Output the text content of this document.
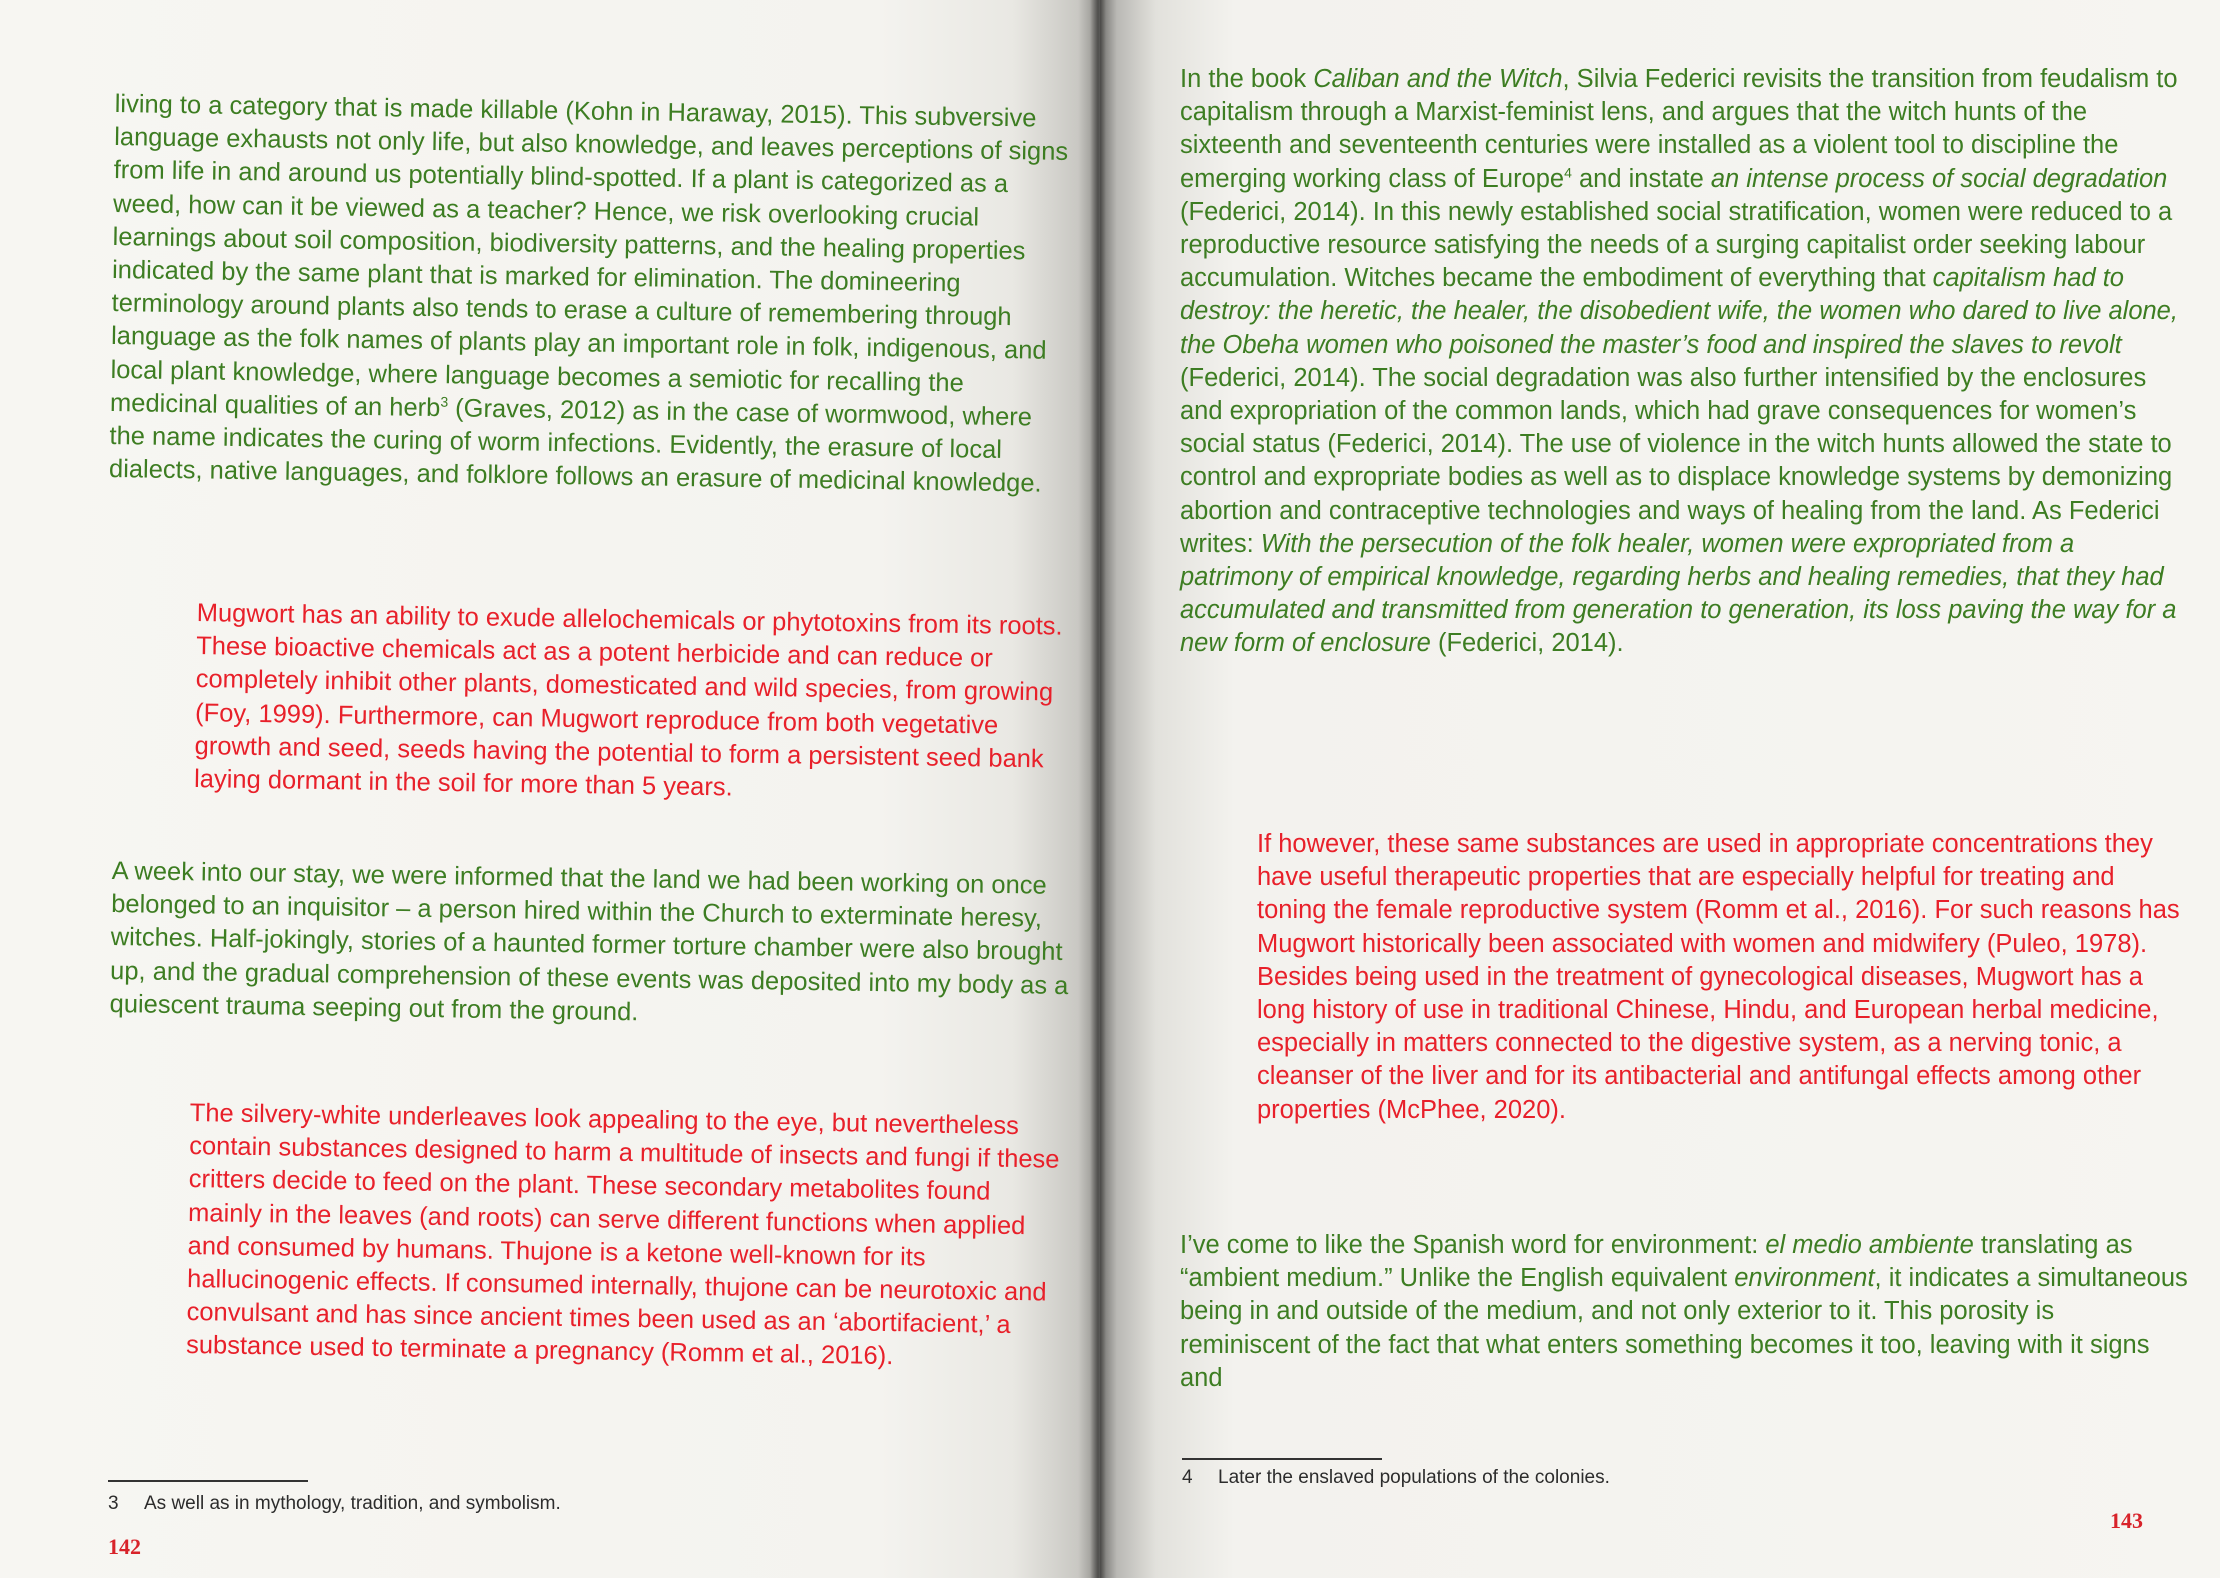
living to a category that is made killable (Kohn in Haraway, 2015). This subversive language exhausts not only life, but also knowledge, and leaves perceptions of signs from life in and around us potentially blind-spotted. If a plant is categorized as a weed, how can it be viewed as a teacher? Hence, we risk overlooking crucial learnings about soil composition, biodiversity patterns, and the healing properties indicated by the same plant that is marked for elimination. The domineering terminology around plants also tends to erase a culture of remembering through language as the folk names of plants play an important role in folk, indigenous, and local plant knowledge, where language becomes a semiotic for recalling the medicinal qualities of an herb$^3$ (Graves, 2012) as in the case of wormwood, where the name indicates the curing of worm infections. Evidently, the erasure of local dialects, native languages, and folklore follows an erasure of medicinal knowledge.

Mugwort has an ability to exude allelochemicals or phytotoxins from its roots. These bioactive chemicals act as a potent herbicide and can reduce or completely inhibit other plants, domesticated and wild species, from growing (Foy, 1999). Furthermore, can Mugwort reproduce from both vegetative growth and seed, seeds having the potential to form a persistent seed bank laying dormant in the soil for more than 5 years.

A week into our stay, we were informed that the land we had been working on once belonged to an inquisitor – a person hired within the Church to exterminate heresy, witches. Half-jokingly, stories of a haunted former torture chamber were also brought up, and the gradual comprehension of these events was deposited into my body as a quiescent trauma seeping out from the ground.

The silvery-white underleaves look appealing to the eye, but nevertheless contain substances designed to harm a multitude of insects and fungi if these critters decide to feed on the plant. These secondary metabolites found mainly in the leaves (and roots) can serve different functions when applied and consumed by humans. Thujone is a ketone well-known for its hallucinogenic effects. If consumed internally, thujone can be neurotoxic and convulsant and has since ancient times been used as an ‘abortifacient,’ a substance used to terminate a pregnancy (Romm et al., 2016).

3 As well as in mythology, tradition, and symbolism.
142

In the book Caliban and the Witch, Silvia Federici revisits the transition from feudalism to capitalism through a Marxist-feminist lens, and argues that the witch hunts of the sixteenth and seventeenth centuries were installed as a violent tool to discipline the emerging working class of Europe$^4$ and instate an intense process of social degradation (Federici, 2014). In this newly established social stratification, women were reduced to a reproductive resource satisfying the needs of a surging capitalist order seeking labour accumulation. Witches became the embodiment of everything that capitalism had to destroy: the heretic, the healer, the disobedient wife, the women who dared to live alone, the Obeha women who poisoned the master’s food and inspired the slaves to revolt (Federici, 2014). The social degradation was also further intensified by the enclosures and expropriation of the common lands, which had grave consequences for women’s social status (Federici, 2014). The use of violence in the witch hunts allowed the state to control and expropriate bodies as well as to displace knowledge systems by demonizing abortion and contraceptive technologies and ways of healing from the land. As Federici writes: With the persecution of the folk healer, women were expropriated from a patrimony of empirical knowledge, regarding herbs and healing remedies, that they had accumulated and transmitted from generation to generation, its loss paving the way for a new form of enclosure (Federici, 2014).

If however, these same substances are used in appropriate concentrations they have useful therapeutic properties that are especially helpful for treating and toning the female reproductive system (Romm et al., 2016). For such reasons has Mugwort historically been associated with women and midwifery (Puleo, 1978). Besides being used in the treatment of gynecological diseases, Mugwort has a long history of use in traditional Chinese, Hindu, and European herbal medicine, especially in matters connected to the digestive system, as a nerving tonic, a cleanser of the liver and for its antibacterial and antifungal effects among other properties (McPhee, 2020).

I’ve come to like the Spanish word for environment: el medio ambiente translating as “ambient medium.” Unlike the English equivalent environment, it indicates a simultaneous being in and outside of the medium, and not only exterior to it. This porosity is reminiscent of the fact that what enters something becomes it too, leaving with it signs and

4 Later the enslaved populations of the colonies.
143
